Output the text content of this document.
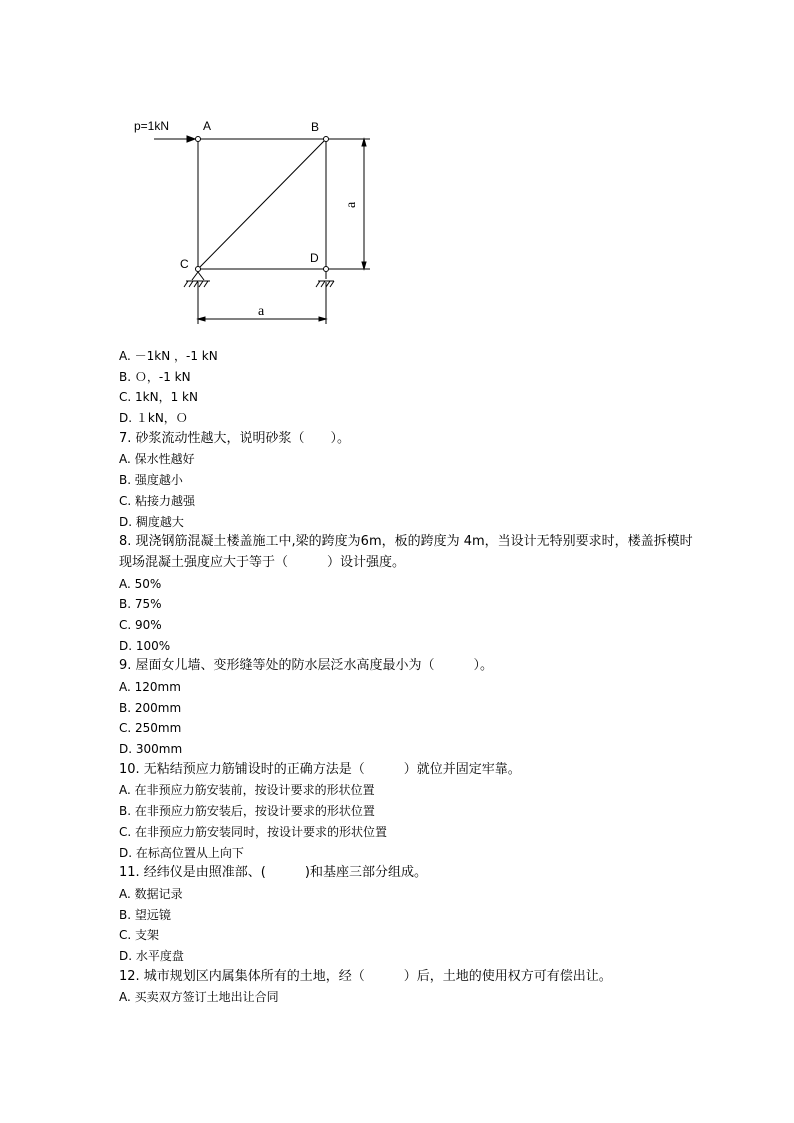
p=1kN	A	B
C	D
a
a
A. －1kN ，-1 kN
B. Ｏ，-1 kN
C. 1kN，1 kN
D. １kN，Ｏ
7. 砂浆流动性越大，说明砂浆（　　）。
A. 保水性越好
B. 强度越小
C. 粘接力越强
D. 稠度越大
8. 现浇钢筋混凝土楼盖施工中,梁的跨度为6m，板的跨度为 4m，当设计无特别要求时，楼盖拆模时现场混凝土强度应大于等于（　　　）设计强度。
A. 50%
B. 75%
C. 90%
D. 100%
9. 屋面女儿墙、变形缝等处的防水层泛水高度最小为（　　　）。
A. 120mm
B. 200mm
C. 250mm
D. 300mm
10. 无粘结预应力筋铺设时的正确方法是（　　　）就位并固定牢靠。
A. 在非预应力筋安装前，按设计要求的形状位置
B. 在非预应力筋安装后，按设计要求的形状位置
C. 在非预应力筋安装同时，按设计要求的形状位置
D. 在标高位置从上向下
11. 经纬仪是由照准部、(　　　)和基座三部分组成。
A. 数据记录
B. 望远镜
C. 支架
D. 水平度盘
12. 城市规划区内属集体所有的土地，经（　　　）后，土地的使用权方可有偿出让。
A. 买卖双方签订土地出让合同
